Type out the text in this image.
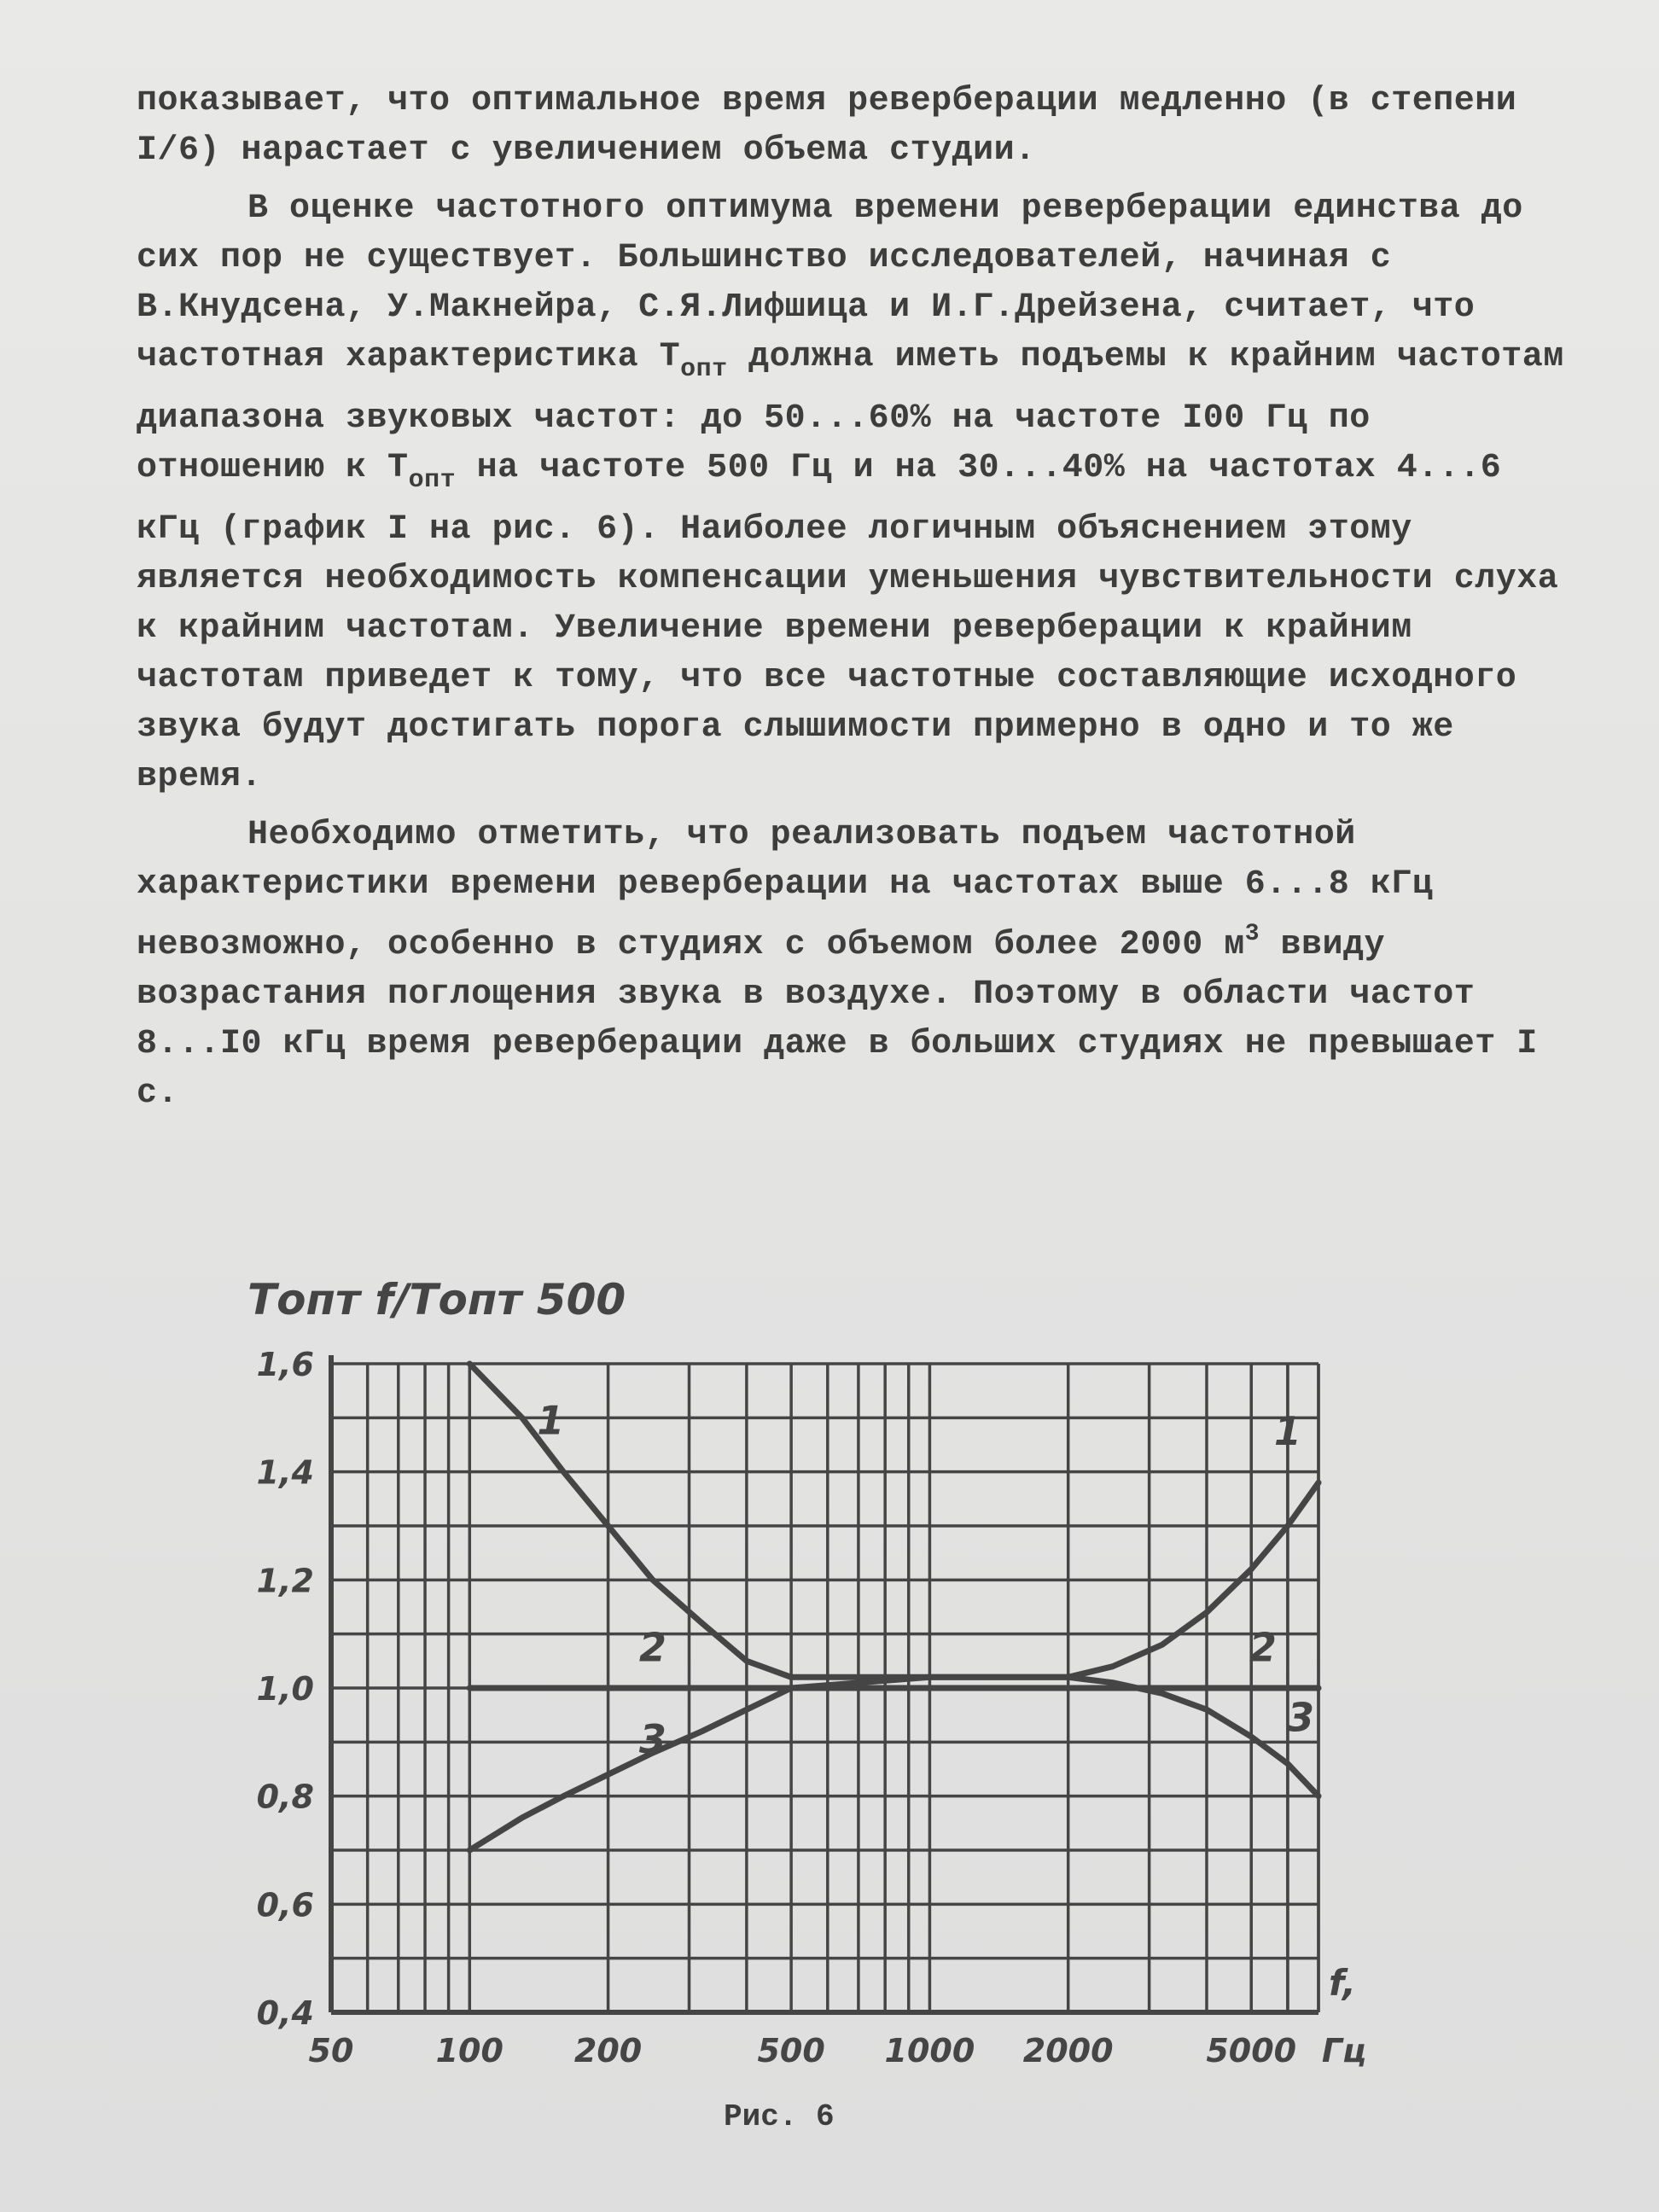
показывает, что оптимальное время реверберации медленно (в степени I/6) нарастает с увеличением объема студии.

В оценке частотного оптимума времени реверберации единства до сих пор не существует. Большинство исследователей, начиная с В.Кнудсена, У.Макнейра, С.Я.Лифшица и И.Г.Дрейзена, считает, что частотная характеристика $Т_{опт}$ должна иметь подъемы к крайним частотам диапазона звуковых частот: до 50...60% на частоте I00 Гц по отношению к $Т_{опт}$ на частоте 500 Гц и на 30...40% на частотах 4...6 кГц (график I на рис. 6). Наиболее логичным объяснением этому является необходимость компенсации уменьшения чувствительности слуха к крайним частотам. Увеличение времени реверберации к крайним частотам приведет к тому, что все частотные составляющие исходного звука будут достигать порога слышимости примерно в одно и то же время.

Необходимо отметить, что реализовать подъем частотной характеристики времени реверберации на частотах выше 6...8 кГц невозможно, особенно в студиях с объемом более 2000 $м^3$ ввиду возрастания поглощения звука в воздухе. Поэтому в области частот 8...I0 кГц время реверберации даже в больших студиях не превышает I с.

0,4
0,6
0,8
1,0
1,2
1,4
1,6
50	100 200	500 1000 2000	5000 Гц
f,
Tопт f/Tопт 500
1	1
2	2
3	3
Рис. 6
